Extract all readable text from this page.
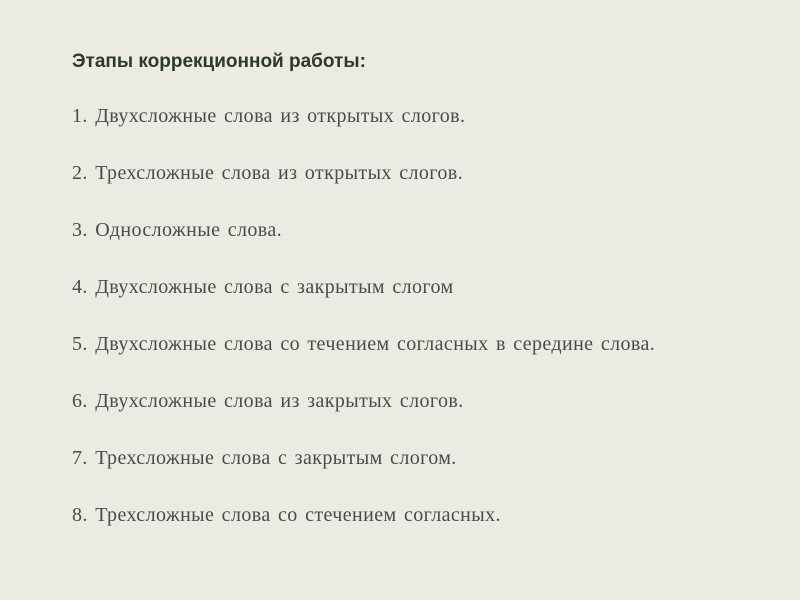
Этапы коррекционной работы:

1. Двухсложные слова из открытых слогов.
2. Трехсложные слова из открытых слогов.
3. Односложные слова.
4. Двухсложные слова с закрытым слогом
5. Двухсложные слова со течением согласных в середине слова.
6. Двухсложные слова из закрытых слогов.
7. Трехсложные слова с закрытым слогом.
8. Трехсложные слова со стечением согласных.
